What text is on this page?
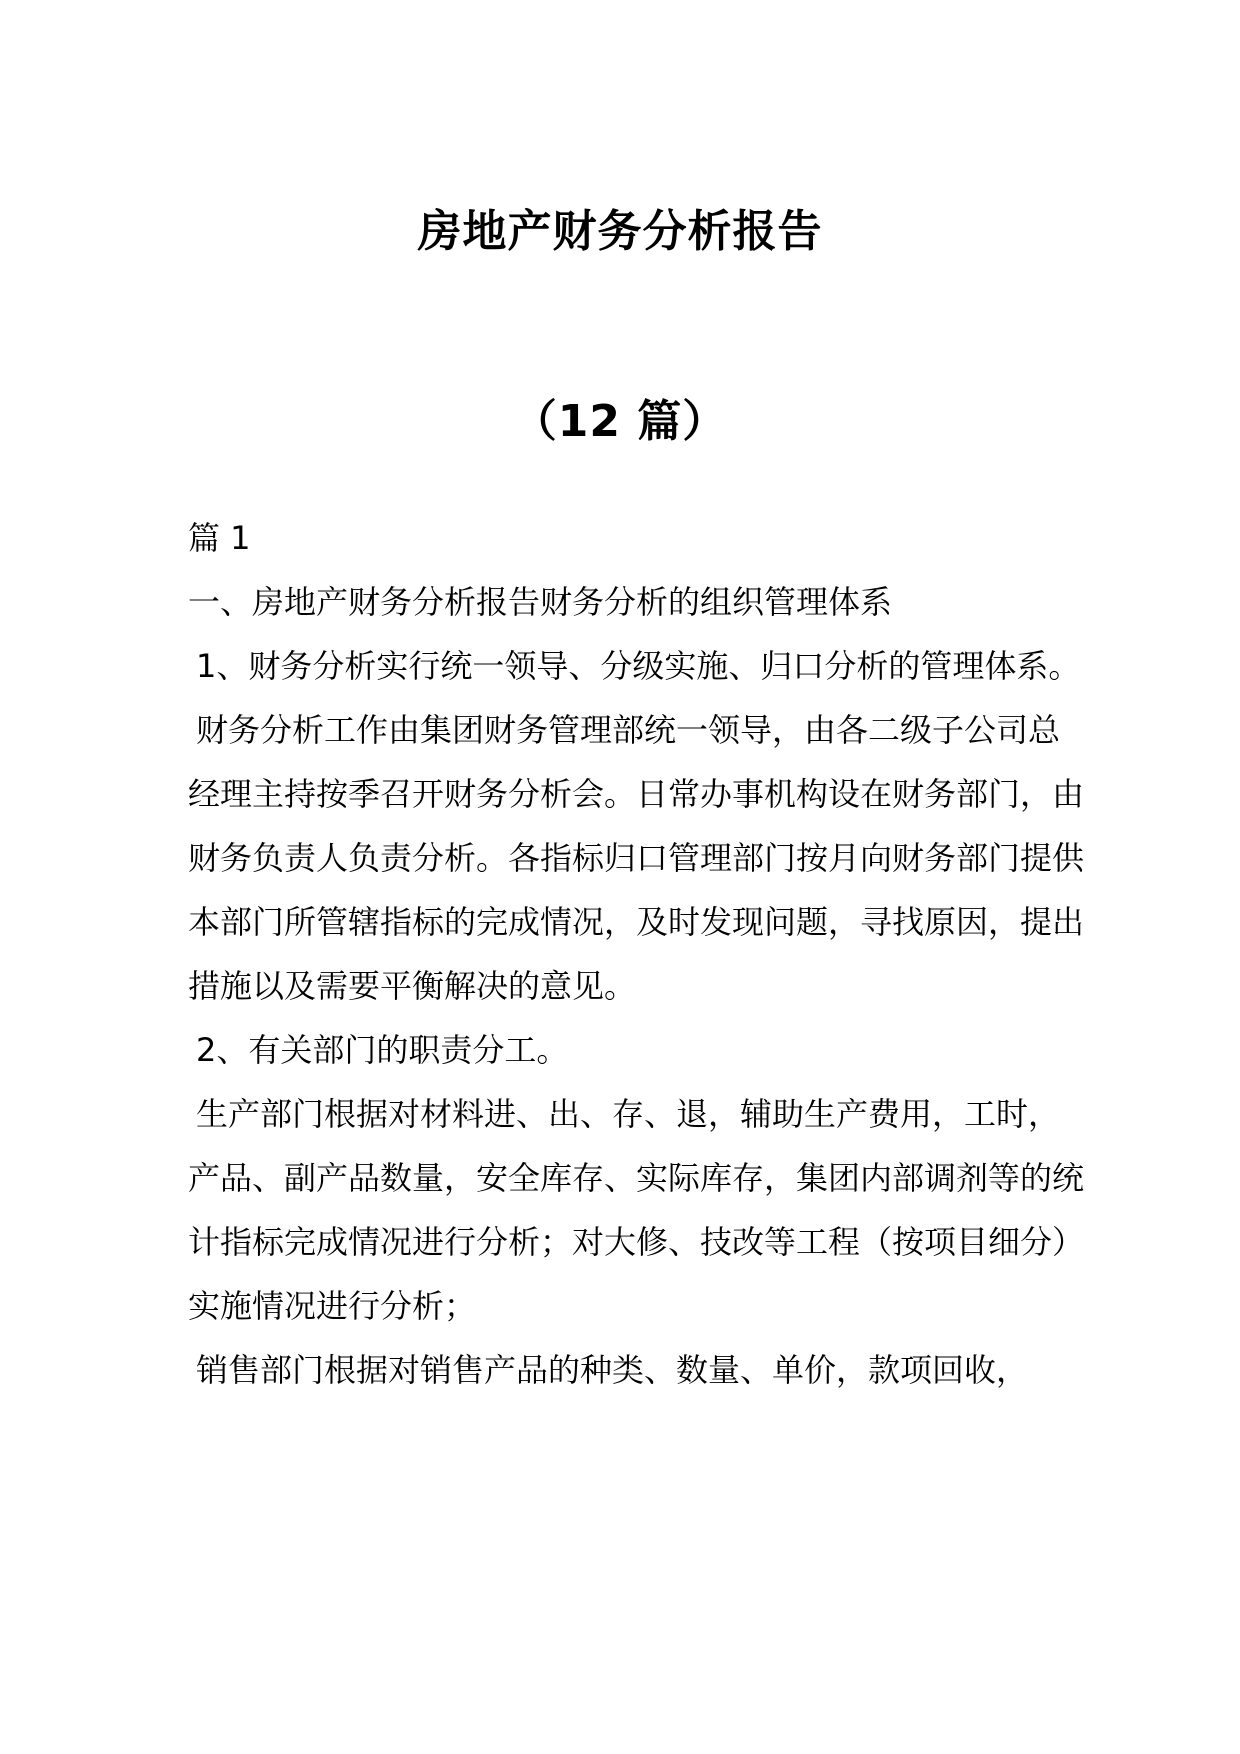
房地产财务分析报告
（12 篇）

篇 1

一、房地产财务分析报告财务分析的组织管理体系

1、财务分析实行统一领导、分级实施、归口分析的管理体系。

财务分析工作由集团财务管理部统一领导，由各二级子公司总经理主持按季召开财务分析会。日常办事机构设在财务部门，由财务负责人负责分析。各指标归口管理部门按月向财务部门提供本部门所管辖指标的完成情况，及时发现问题，寻找原因，提出措施以及需要平衡解决的意见。

2、有关部门的职责分工。

生产部门根据对材料进、出、存、退，辅助生产费用，工时，产品、副产品数量，安全库存、实际库存，集团内部调剂等的统计指标完成情况进行分析；对大修、技改等工程（按项目细分）实施情况进行分析；

销售部门根据对销售产品的种类、数量、单价，款项回收，
